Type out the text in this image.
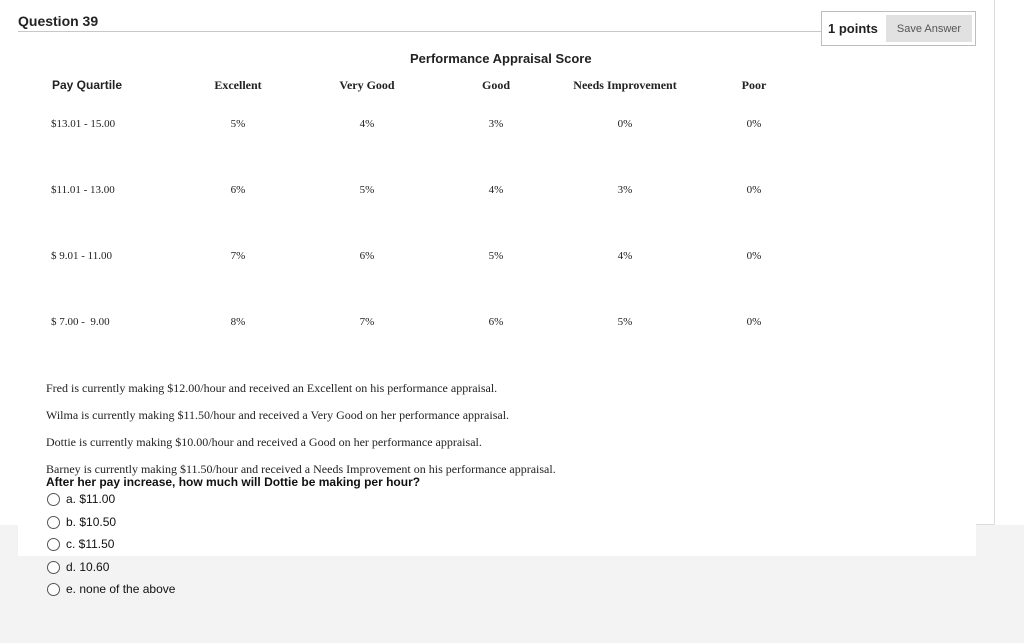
Question 39	1 points	Save Answer
Performance Appraisal Score
Pay Quartile	Excellent	Very Good	Good	Needs Improvement	Poor
$13.01 - 15.00	5%	4%	3%	0%	0%
$11.01 - 13.00	6%	5%	4%	3%	0%
$ 9.01 - 11.00	7%	6%	5%	4%	0%
$ 7.00 -  9.00	8%	7%	6%	5%	0%
Fred is currently making $12.00/hour and received an Excellent on his performance appraisal.
Wilma is currently making $11.50/hour and received a Very Good on her performance appraisal.
Dottie is currently making $10.00/hour and received a Good on her performance appraisal.
Barney is currently making $11.50/hour and received a Needs Improvement on his performance appraisal.
After her pay increase, how much will Dottie be making per hour?
a. $11.00
b. $10.50
c. $11.50
d. 10.60
e. none of the above
